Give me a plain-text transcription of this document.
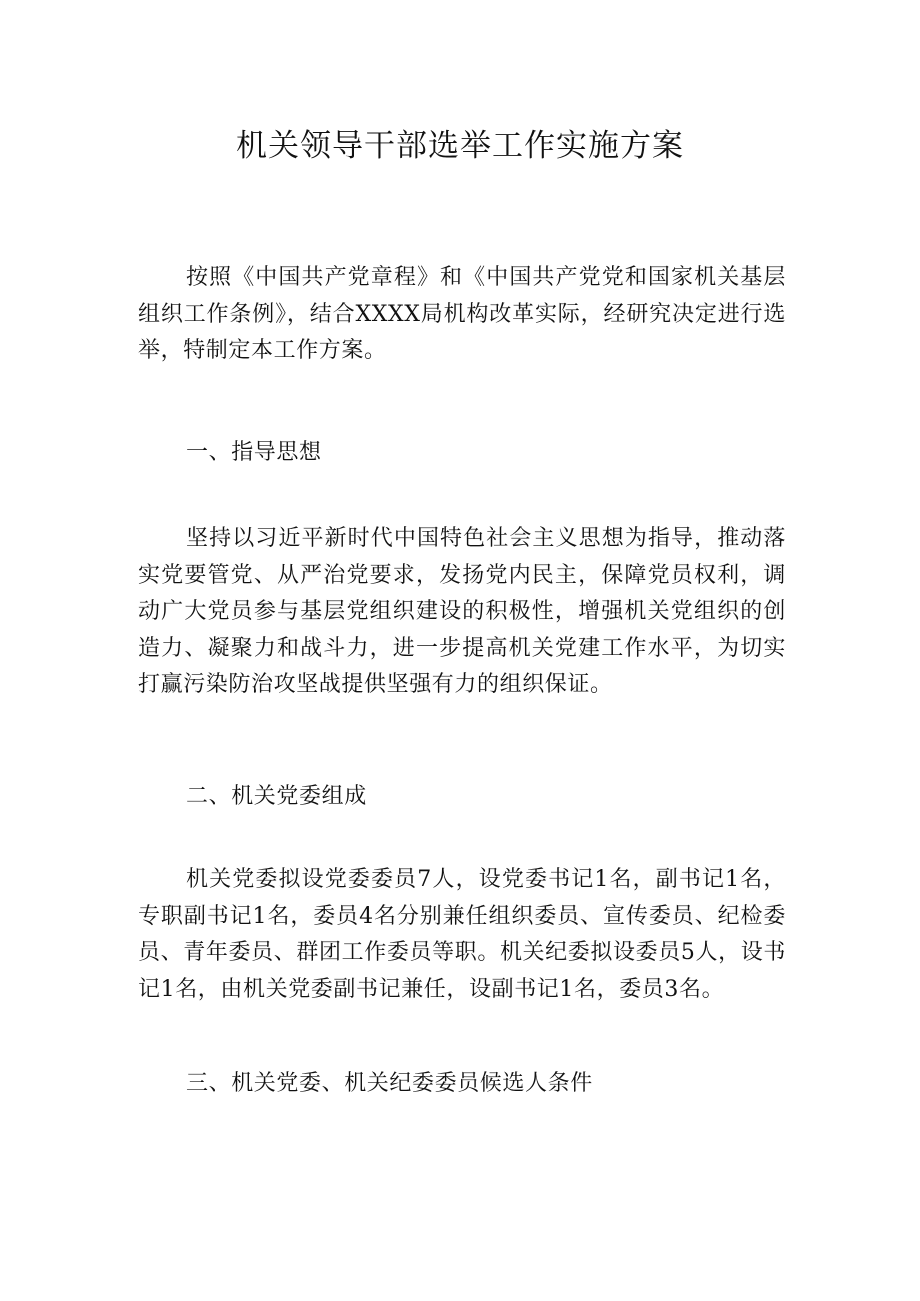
机关领导干部选举工作实施方案

按照《中国共产党章程》和《中国共产党党和国家机关基层组织工作条例》，结合XXXX局机构改革实际，经研究决定进行选举，特制定本工作方案。

一、指导思想

坚持以习近平新时代中国特色社会主义思想为指导，推动落实党要管党、从严治党要求，发扬党内民主，保障党员权利，调动广大党员参与基层党组织建设的积极性，增强机关党组织的创造力、凝聚力和战斗力，进一步提高机关党建工作水平，为切实打赢污染防治攻坚战提供坚强有力的组织保证。

二、机关党委组成

机关党委拟设党委委员7人，设党委书记1名，副书记1名，专职副书记1名，委员4名分别兼任组织委员、宣传委员、纪检委员、青年委员、群团工作委员等职。机关纪委拟设委员5人，设书记1名，由机关党委副书记兼任，设副书记1名，委员3名。

三、机关党委、机关纪委委员候选人条件
